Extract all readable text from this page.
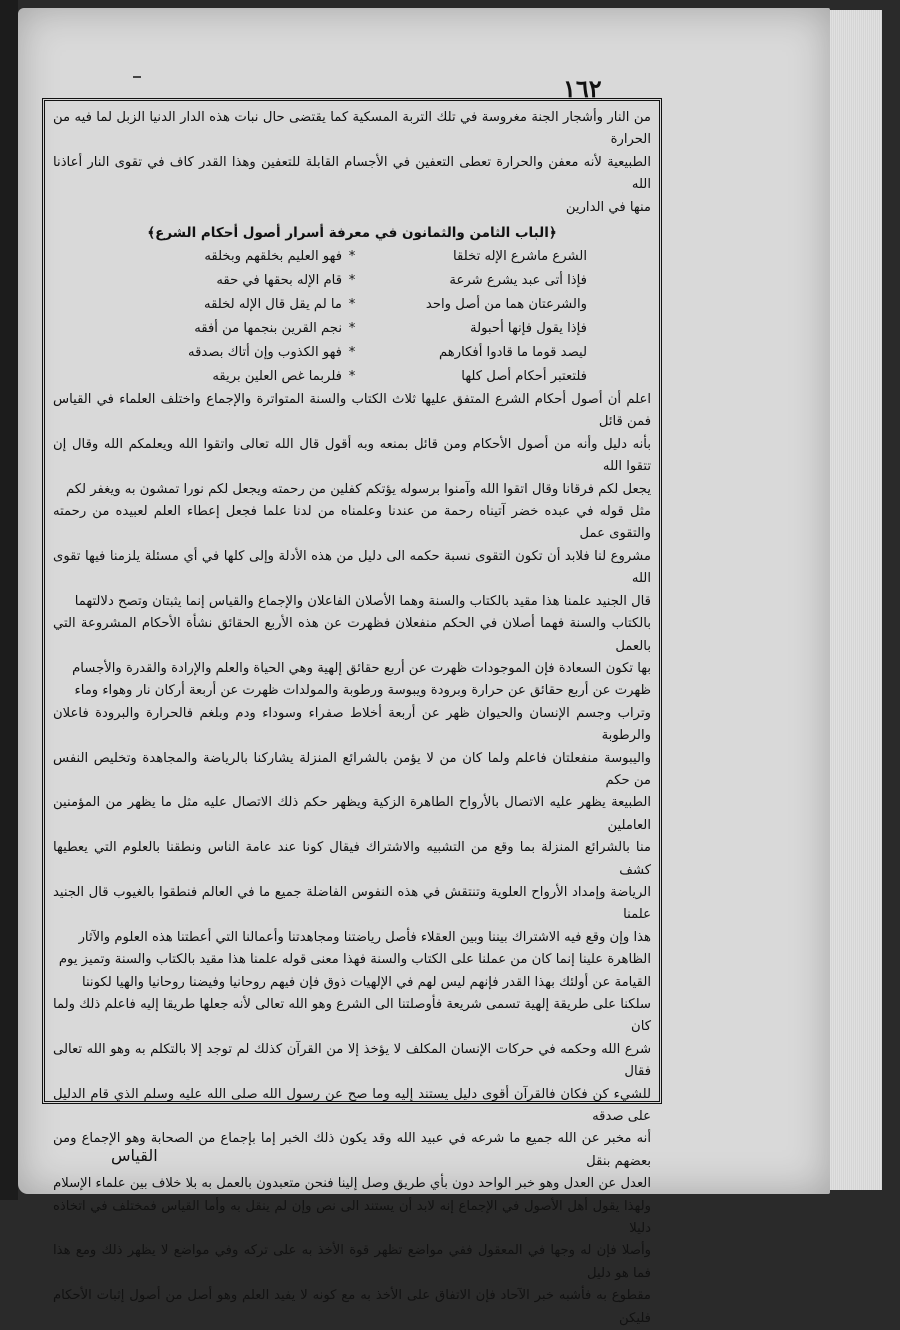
١٦٢

من النار وأشجار الجنة مغروسة في تلك التربة المسكية كما يقتضى حال نبات هذه الدار الدنيا الزبل لما فيه من الحرارة

الطبيعية لأنه معفن والحرارة تعطى التعفين في الأجسام القابلة للتعفين وهذا القدر كاف في تقوى النار أعاذنا الله

منها في الدارين

﴿الباب الثامن والثمانون في معرفة أسرار أصول أحكام الشرع﴾

الشرع ماشرع الإله تخلقا
*
فهو العليم بخلقهم وبخلقه
فإذا أتى عبد يشرع شرعة
*
قام الإله بحقها في حقه
والشرعتان هما من أصل واحد
*
ما لم يقل قال الإله لخلقه
فإذا يقول فإنها أحبولة
*
نجم القرين بنجمها من أفقه
ليصد قوما ما قادوا أفكارهم
*
فهو الكذوب وإن أتاك بصدقه
فلتعتبر أحكام أصل كلها
*
فلربما غص العلين بريقه

اعلم أن أصول أحكام الشرع المتفق عليها ثلاث الكتاب والسنة المتواترة والإجماع واختلف العلماء في القياس فمن قائل

بأنه دليل وأنه من أصول الأحكام ومن قائل بمنعه وبه أقول قال الله تعالى واتقوا الله ويعلمكم الله وقال إن تتقوا الله

يجعل لكم فرقانا وقال اتقوا الله وآمنوا برسوله يؤتكم كفلين من رحمته ويجعل لكم نورا تمشون به ويغفر لكم

مثل قوله في عبده خضر آتيناه رحمة من عندنا وعلمناه من لدنا علما فجعل إعطاء العلم لعبيده من رحمته والتقوى عمل

مشروع لنا فلابد أن تكون التقوى نسبة حكمه الى دليل من هذه الأدلة وإلى كلها في أي مسئلة يلزمنا فيها تقوى الله

قال الجنيد علمنا هذا مقيد بالكتاب والسنة وهما الأصلان الفاعلان والإجماع والقياس إنما يثبتان وتصح دلالتهما

بالكتاب والسنة فهما أصلان في الحكم منفعلان فظهرت عن هذه الأربع الحقائق نشأة الأحكام المشروعة التي بالعمل

بها تكون السعادة فإن الموجودات ظهرت عن أربع حقائق إلهية وهي الحياة والعلم والإرادة والقدرة والأجسام

ظهرت عن أربع حقائق عن حرارة وبرودة ويبوسة ورطوبة والمولدات ظهرت عن أربعة أركان نار وهواء وماء

وتراب وجسم الإنسان والحيوان ظهر عن أربعة أخلاط صفراء وسوداء ودم وبلغم فالحرارة والبرودة فاعلان والرطوبة

واليبوسة منفعلتان فاعلم ولما كان من لا يؤمن بالشرائع المنزلة يشاركنا بالرياضة والمجاهدة وتخليص النفس من حكم

الطبيعة يظهر عليه الاتصال بالأرواح الطاهرة الزكية ويظهر حكم ذلك الاتصال عليه مثل ما يظهر من المؤمنين العاملين

منا بالشرائع المنزلة بما وقع من التشبيه والاشتراك فيقال كونا عند عامة الناس ونطقنا بالعلوم التي يعطيها كشف

الرياضة وإمداد الأرواح العلوية وتنتقش في هذه النفوس الفاضلة جميع ما في العالم فنطقوا بالغيوب قال الجنيد علمنا

هذا وإن وقع فيه الاشتراك بيننا وبين العقلاء فأصل رياضتنا ومجاهدتنا وأعمالنا التي أعطتنا هذه العلوم والآثار

الظاهرة علينا إنما كان من عملنا على الكتاب والسنة فهذا معنى قوله علمنا هذا مقيد بالكتاب والسنة وتميز يوم

القيامة عن أولئك بهذا القدر فإنهم ليس لهم في الإلهيات ذوق فإن فيهم روحانيا وفيضنا روحانيا والهيا لكوننا

سلكنا على طريقة إلهية تسمى شريعة فأوصلتنا الى الشرع وهو الله تعالى لأنه جعلها طريقا إليه فاعلم ذلك ولما كان

شرع الله وحكمه في حركات الإنسان المكلف لا يؤخذ إلا من القرآن كذلك لم توجد إلا بالتكلم به وهو الله تعالى فقال

للشيء كن فكان فالقرآن أقوى دليل يستند إليه وما صح عن رسول الله صلى الله عليه وسلم الذي قام الدليل على صدقه

أنه مخبر عن الله جميع ما شرعه في عبيد الله وقد يكون ذلك الخبر إما بإجماع من الصحابة وهو الإجماع ومن بعضهم بنقل

العدل عن العدل وهو خبر الواحد دون بأي طريق وصل إلينا فنحن متعبدون بالعمل به بلا خلاف بين علماء الإسلام

ولهذا يقول أهل الأصول في الإجماع إنه لابد أن يستند الى نص وإن لم ينقل به وأما القياس فمختلف في اتخاذه دليلا

وأصلا فإن له وجها في المعقول ففي مواضع تظهر قوة الأخذ به على تركه وفي مواضع لا يظهر ذلك ومع هذا فما هو دليل

مقطوع به فأشبه خبر الآحاد فإن الاتفاق على الأخذ به مع كونه لا يفيد العلم وهو أصل من أصول إثبات الأحكام فليكن

القياس
